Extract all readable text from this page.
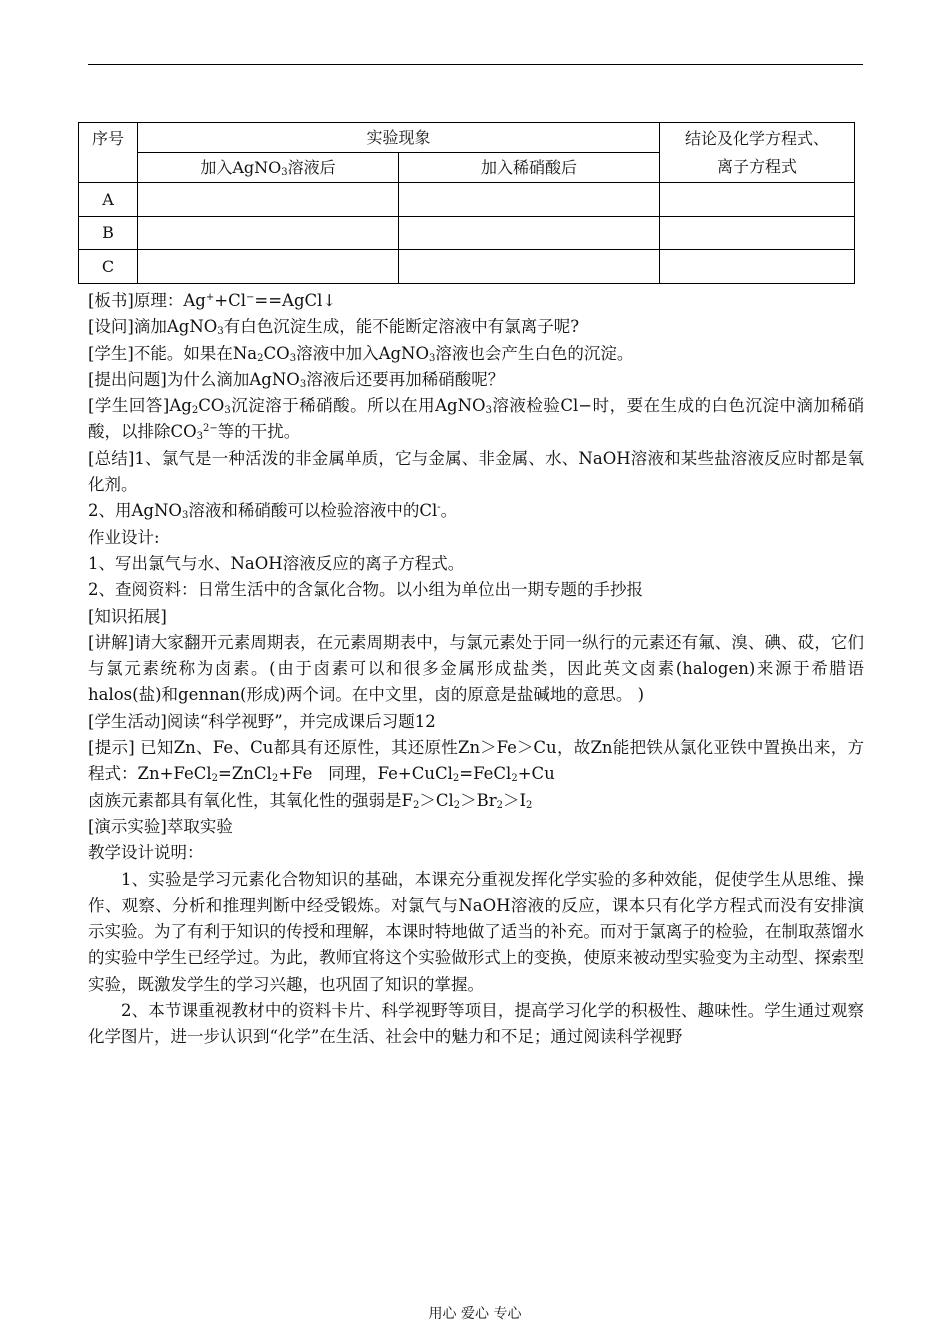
序号	实验现象		结论及化学方程式、
离子方程式
	加入AgNO$_3$溶液后	加入稀硝酸后	
A			
B			
C			

[板书]原理：Ag++Cl−==AgCl↓

[设问]滴加AgNO$_3$有白色沉淀生成，能不能断定溶液中有氯离子呢?

[学生]不能。如果在$Na_2CO_3$溶液中加入AgNO$_3$溶液也会产生白色的沉淀。

[提出问题]为什么滴加AgNO$_3$溶液后还要再加稀硝酸呢？

[学生回答]$Ag_2CO_3$沉淀溶于稀硝酸。所以在用AgNO$_3$溶液检验Cl−时，要在生成的白色沉淀中滴加稀硝酸，以排除$CO_3^{2-}$等的干扰。

[总结]1、氯气是一种活泼的非金属单质，它与金属、非金属、水、NaOH溶液和某些盐溶液反应时都是氧化剂。

2、用AgNO$_3$溶液和稀硝酸可以检验溶液中的Cl-。

作业设计:

1、写出氯气与水、NaOH溶液反应的离子方程式。

2、查阅资料：日常生活中的含氯化合物。以小组为单位出一期专题的手抄报

[知识拓展]

[讲解]请大家翻开元素周期表，在元素周期表中，与氯元素处于同一纵行的元素还有氟、溴、碘、砹，它们与氯元素统称为卤素。(由于卤素可以和很多金属形成盐类，因此英文卤素(halogen)来源于希腊语halos(盐)和gennan(形成)两个词。在中文里，卤的原意是盐碱地的意思。 )

[学生活动]阅读“科学视野”，并完成课后习题12

[提示] 已知Zn、Fe、Cu都具有还原性，其还原性Zn＞Fe＞Cu，故Zn能把铁从氯化亚铁中置换出来，方程式：Zn+FeCl$_2$=ZnCl$_2$+Fe   同理，Fe+CuCl$_2$=FeCl$_2$+Cu

卤族元素都具有氧化性，其氧化性的强弱是$F_2>Cl_2>Br_2>I_2$

[演示实验]萃取实验

教学设计说明：

1、实验是学习元素化合物知识的基础，本课充分重视发挥化学实验的多种效能，促使学生从思维、操作、观察、分析和推理判断中经受锻炼。对氯气与NaOH溶液的反应，课本只有化学方程式而没有安排演示实验。为了有利于知识的传授和理解，本课时特地做了适当的补充。而对于氯离子的检验，在制取蒸馏水的实验中学生已经学过。为此，教师宜将这个实验做形式上的变换，使原来被动型实验变为主动型、探索型实验，既激发学生的学习兴趣，也巩固了知识的掌握。

2、本节课重视教材中的资料卡片、科学视野等项目，提高学习化学的积极性、趣味性。学生通过观察化学图片，进一步认识到“化学”在生活、社会中的魅力和不足；通过阅读科学视野

用心 爱心 专心
